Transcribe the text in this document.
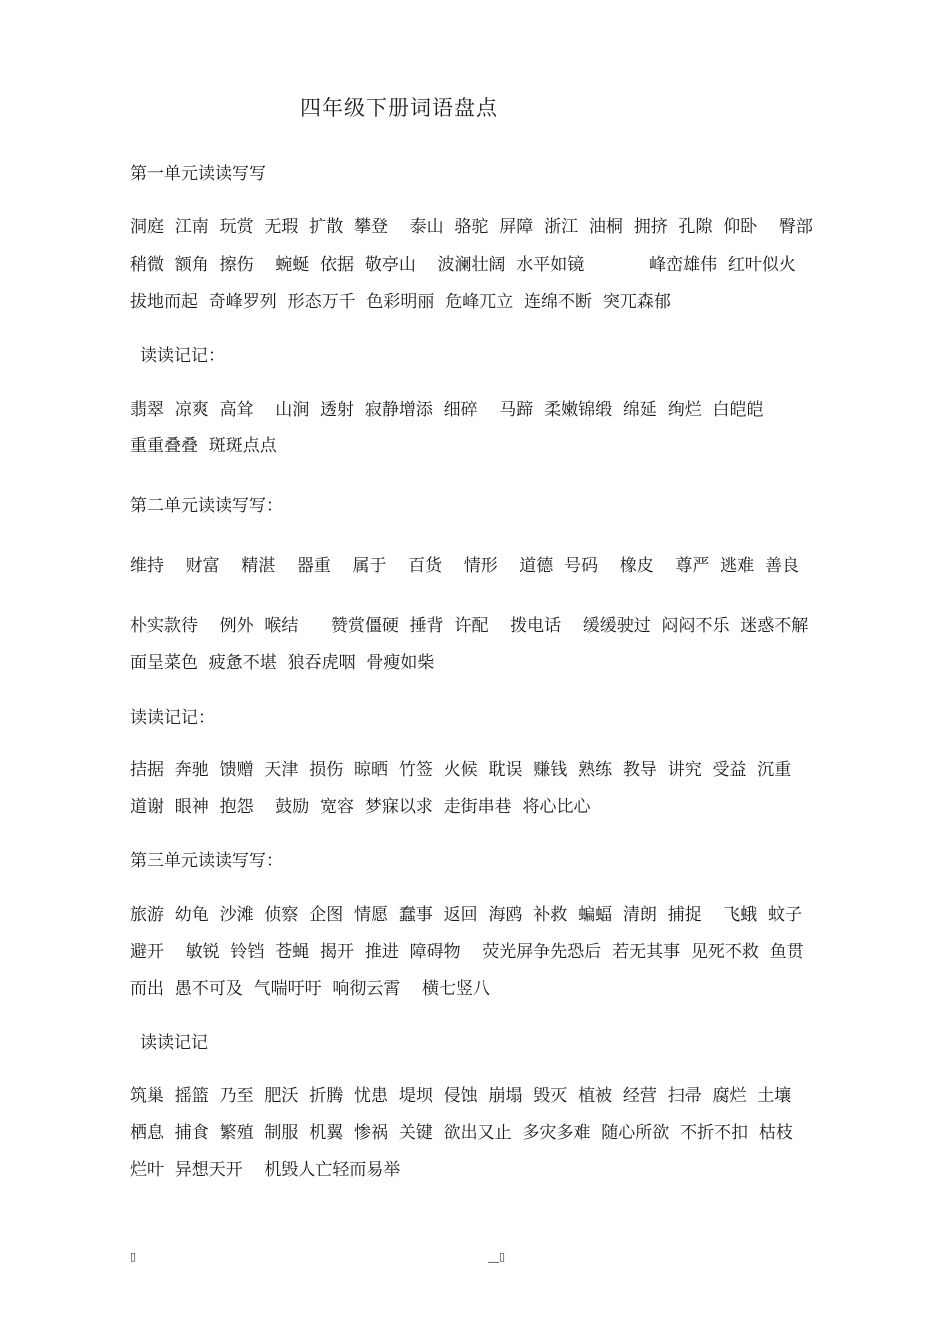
四年级下册词语盘点
第一单元读读写写
洞庭  江南  玩赏  无瑕  扩散  攀登    泰山  骆驼  屏障  浙江  油桐  拥挤  孔隙  仰卧    臀部
稍微  额角  擦伤    蜿蜒  依据  敬亭山    波澜壮阔  水平如镜            峰峦雄伟  红叶似火
拔地而起  奇峰罗列  形态万千  色彩明丽  危峰兀立  连绵不断  突兀森郁
读读记记：
翡翠  凉爽  高耸    山涧  透射  寂静增添  细碎    马蹄  柔嫩锦缎  绵延  绚烂  白皑皑
重重叠叠  斑斑点点
第二单元读读写写：
维持    财富    精湛    器重    属于    百货    情形    道德  号码    橡皮    尊严  逃难  善良
朴实款待    例外  喉结      赞赏僵硬  捶背  许配    拨电话    缓缓驶过  闷闷不乐  迷惑不解
面呈菜色  疲惫不堪  狼吞虎咽  骨瘦如柴
读读记记：
拮据  奔驰  馈赠  天津  损伤  晾晒  竹签  火候  耽误  赚钱  熟练  教导  讲究  受益  沉重
道谢  眼神  抱怨    鼓励  宽容  梦寐以求  走街串巷  将心比心
第三单元读读写写：
旅游  幼龟  沙滩  侦察  企图  情愿  蠢事  返回  海鸥  补救  蝙蝠  清朗  捕捉    飞蛾  蚊子
避开    敏锐  铃铛  苍蝇  揭开  推进  障碍物    荧光屏争先恐后  若无其事  见死不救  鱼贯
而出  愚不可及  气喘吁吁  响彻云霄    横七竖八
读读记记
筑巢  摇篮  乃至  肥沃  折腾  忧患  堤坝  侵蚀  崩塌  毁灭  植被  经营  扫帚  腐烂  土壤
栖息  捕食  繁殖  制服  机翼  惨祸  关键  欲出又止  多灾多难  随心所欲  不折不扣  枯枝
烂叶  异想天开    机毁人亡轻而易举
▯	__▯
